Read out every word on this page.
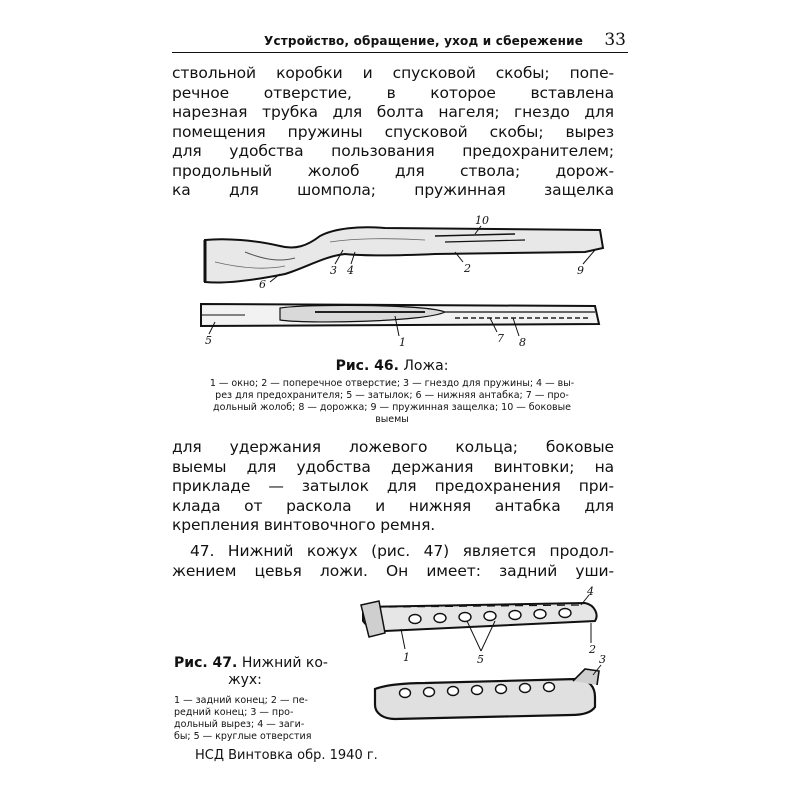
Устройство, обращение, уход и сбережение 33
ствольной коробки и спусковой скобы; попе-
речное отверстие, в которое вставлена
нарезная трубка для болта нагеля; гнездо для
помещения пружины спусковой скобы; вырез
для удобства пользования предохранителем;
продольный жолоб для ствола; дорож-
ка для шомпола; пружинная защелка
10
3 4
6
2	9
5	1	7 8
Рис. 46. Ложа:
1 — окно; 2 — поперечное отверстие; 3 — гнездо для пружины; 4 — вы-
рез для предохранителя; 5 — затылок; 6 — нижняя антабка; 7 — про-
дольный жолоб; 8 — дорожка; 9 — пружинная защелка; 10 — боковые
выемы
для удержания ложевого кольца; боковые
выемы для удобства держания винтовки; на
прикладе — затылок для предохранения при-
клада от раскола и нижняя антабка для
крепления винтовочного ремня.
47. Нижний кожух (рис. 47) является продол-
жением цевья ложи. Он имеет: задний уши-
4
1	5
2
3
Рис. 47. Нижний ко-
жух:
1 — задний конец; 2 — пе-
редний конец; 3 — про-
дольный вырез; 4 — заги-
бы; 5 — круглые отверстия
НСД Винтовка обр. 1940 г.
